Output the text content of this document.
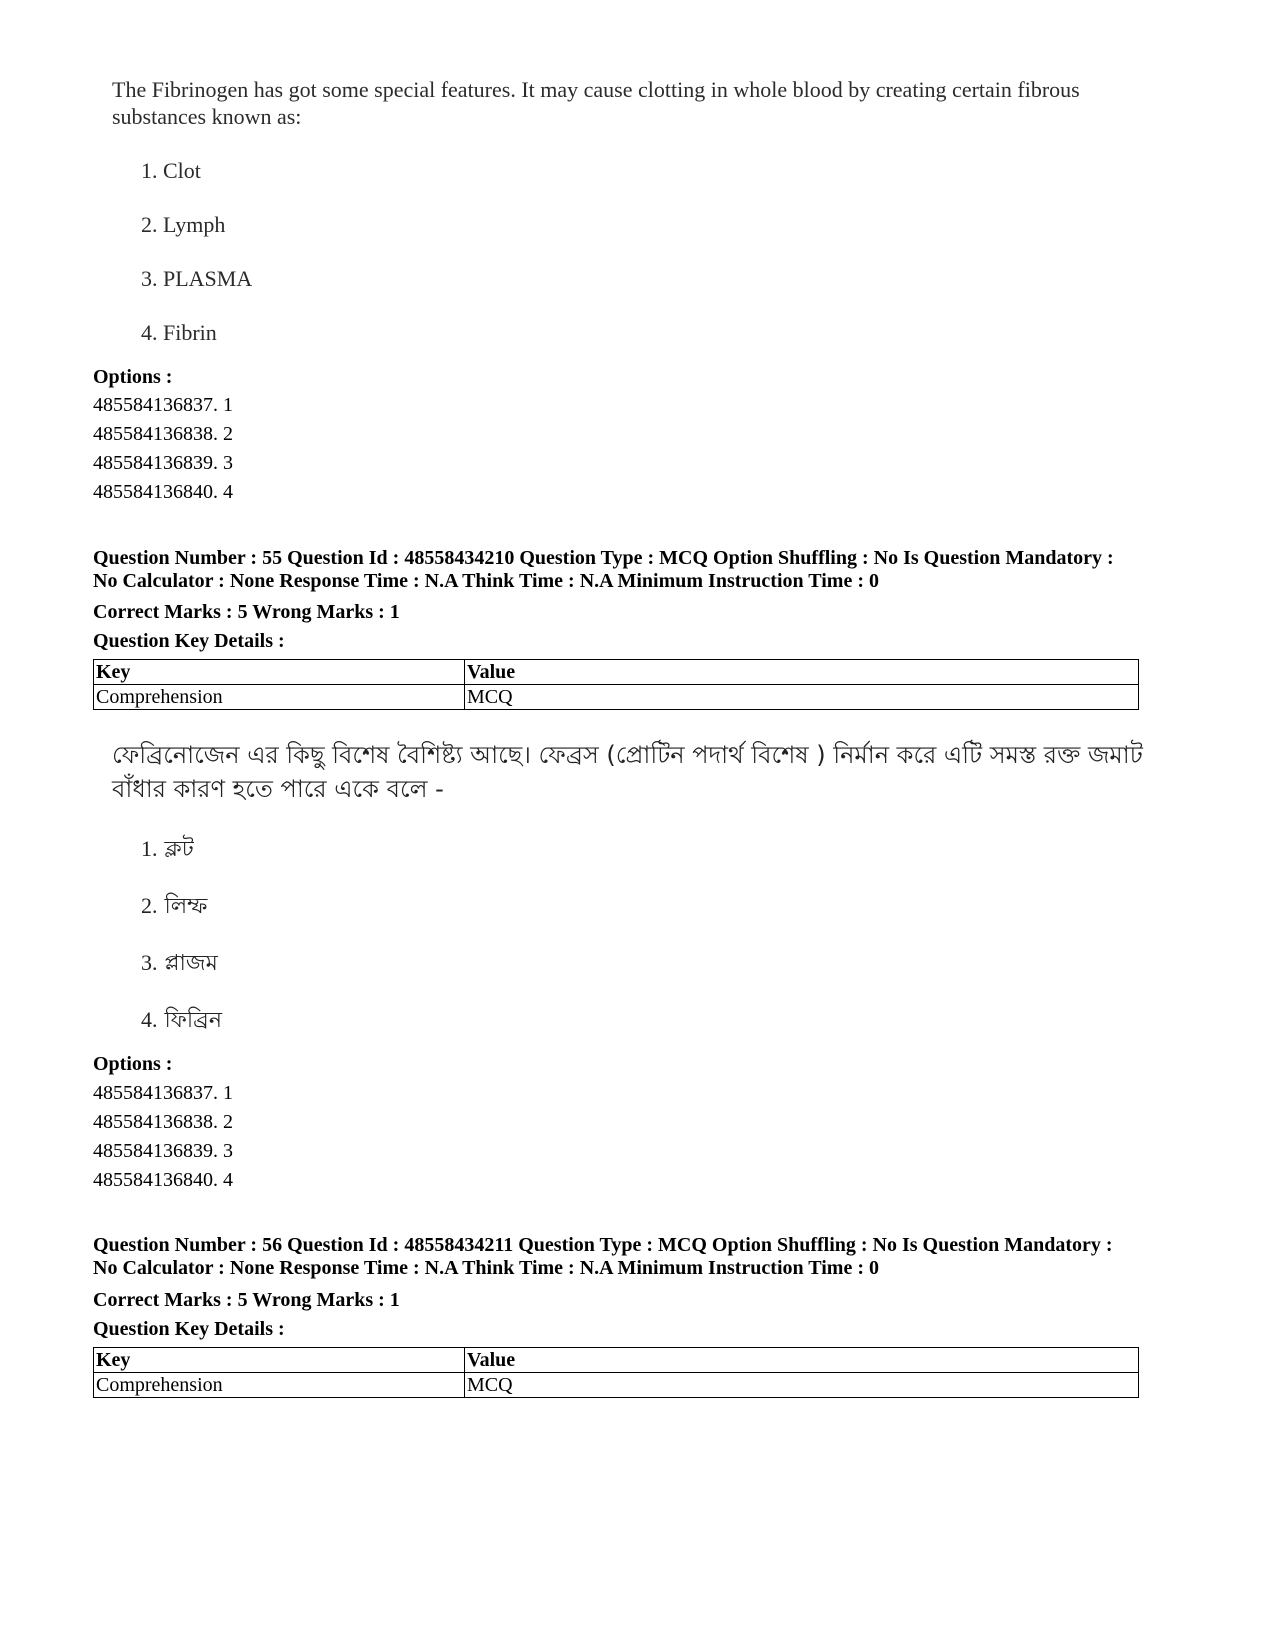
The Fibrinogen has got some special features. It may cause clotting in whole blood by creating certain fibrous substances known as:
1. Clot
2. Lymph
3. PLASMA
4. Fibrin
Options :
485584136837. 1
485584136838. 2
485584136839. 3
485584136840. 4
Question Number : 55 Question Id : 48558434210 Question Type : MCQ Option Shuffling : No Is Question Mandatory :
No Calculator : None Response Time : N.A Think Time : N.A Minimum Instruction Time : 0
Correct Marks : 5 Wrong Marks : 1
Question Key Details :
Key	Value
Comprehension	MCQ
ফেব্রিনোজেন এর কিছু বিশেষ বৈশিষ্ট্য আছে। ফেব্রস (প্রোটিন পদার্থ বিশেষ ) নির্মান করে এটি সমস্ত রক্ত জমাট বাঁধার কারণ হতে পারে একে বলে -
1. ক্লট
2. লিম্ফ
3. প্লাজম
4. ফিব্রিন
Options :
485584136837. 1
485584136838. 2
485584136839. 3
485584136840. 4
Question Number : 56 Question Id : 48558434211 Question Type : MCQ Option Shuffling : No Is Question Mandatory :
No Calculator : None Response Time : N.A Think Time : N.A Minimum Instruction Time : 0
Correct Marks : 5 Wrong Marks : 1
Question Key Details :
Key	Value
Comprehension	MCQ
